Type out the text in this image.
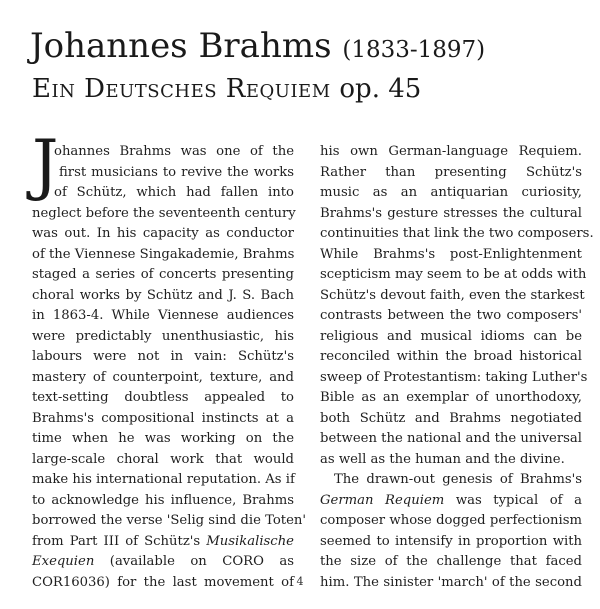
Johannes Brahms (1833-1897)
Ein Deutsches Requiem op. 45
J
ohannes Brahms was one of the
first musicians to revive the works
of Schütz, which had fallen into
neglect before the seventeenth century
was out. In his capacity as conductor
of the Viennese Singakademie, Brahms
staged a series of concerts presenting
choral works by Schütz and J. S. Bach
in 1863-4. While Viennese audiences
were predictably unenthusiastic, his
labours were not in vain: Schütz's
mastery of counterpoint, texture, and
text-setting doubtless appealed to
Brahms's compositional instincts at a
time when he was working on the
large-scale choral work that would
make his international reputation. As if
to acknowledge his influence, Brahms
borrowed the verse 'Selig sind die Toten'
from Part III of Schütz's Musikalische
Exequien (available on CORO as
COR16036) for the last movement of
his own German-language Requiem.
Rather than presenting Schütz's
music as an antiquarian curiosity,
Brahms's gesture stresses the cultural
continuities that link the two composers.
While Brahms's post-Enlightenment
scepticism may seem to be at odds with
Schütz's devout faith, even the starkest
contrasts between the two composers'
religious and musical idioms can be
reconciled within the broad historical
sweep of Protestantism: taking Luther's
Bible as an exemplar of unorthodoxy,
both Schütz and Brahms negotiated
between the national and the universal
as well as the human and the divine.
The drawn-out genesis of Brahms's
German Requiem was typical of a
composer whose dogged perfectionism
seemed to intensify in proportion with
the size of the challenge that faced
him. The sinister 'march' of the second
4
